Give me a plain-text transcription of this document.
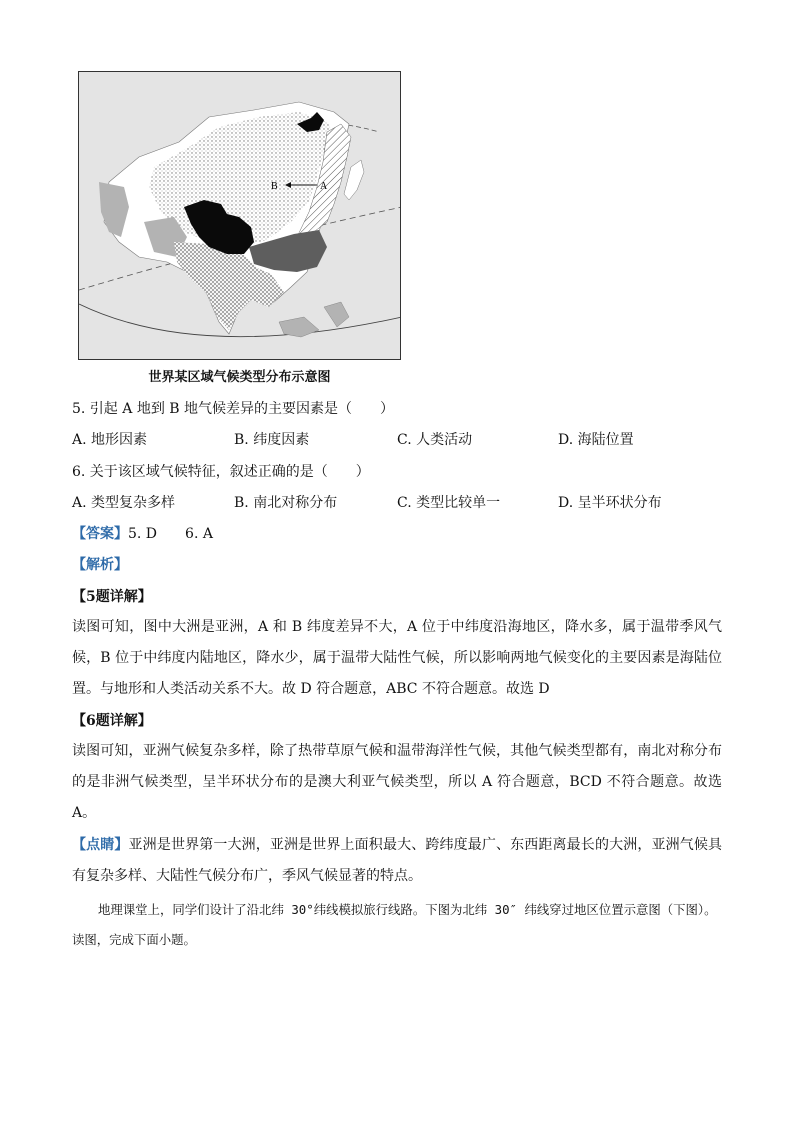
B	A
世界某区域气候类型分布示意图
5. 引起 A 地到 B 地气候差异的主要因素是（　　）
A. 地形因素	B. 纬度因素	C. 人类活动	D. 海陆位置
6. 关于该区域气候特征，叙述正确的是（　　）
A. 类型复杂多样	B. 南北对称分布	C. 类型比较单一	D. 呈半环状分布
【答案】5. D　　6. A
【解析】
【5题详解】
读图可知，图中大洲是亚洲，A 和 B 纬度差异不大，A 位于中纬度沿海地区，降水多，属于温带季风气候，B 位于中纬度内陆地区，降水少，属于温带大陆性气候，所以影响两地气候变化的主要因素是海陆位置。与地形和人类活动关系不大。故 D 符合题意，ABC 不符合题意。故选 D
【6题详解】
读图可知，亚洲气候复杂多样，除了热带草原气候和温带海洋性气候，其他气候类型都有，南北对称分布的是非洲气候类型，呈半环状分布的是澳大利亚气候类型，所以 A 符合题意，BCD 不符合题意。故选 A。
【点睛】亚洲是世界第一大洲，亚洲是世界上面积最大、跨纬度最广、东西距离最长的大洲，亚洲气候具有复杂多样、大陆性气候分布广，季风气候显著的特点。
地理课堂上，同学们设计了沿北纬 30°纬线模拟旅行线路。下图为北纬 30″ 纬线穿过地区位置示意图（下图）。读图，完成下面小题。
